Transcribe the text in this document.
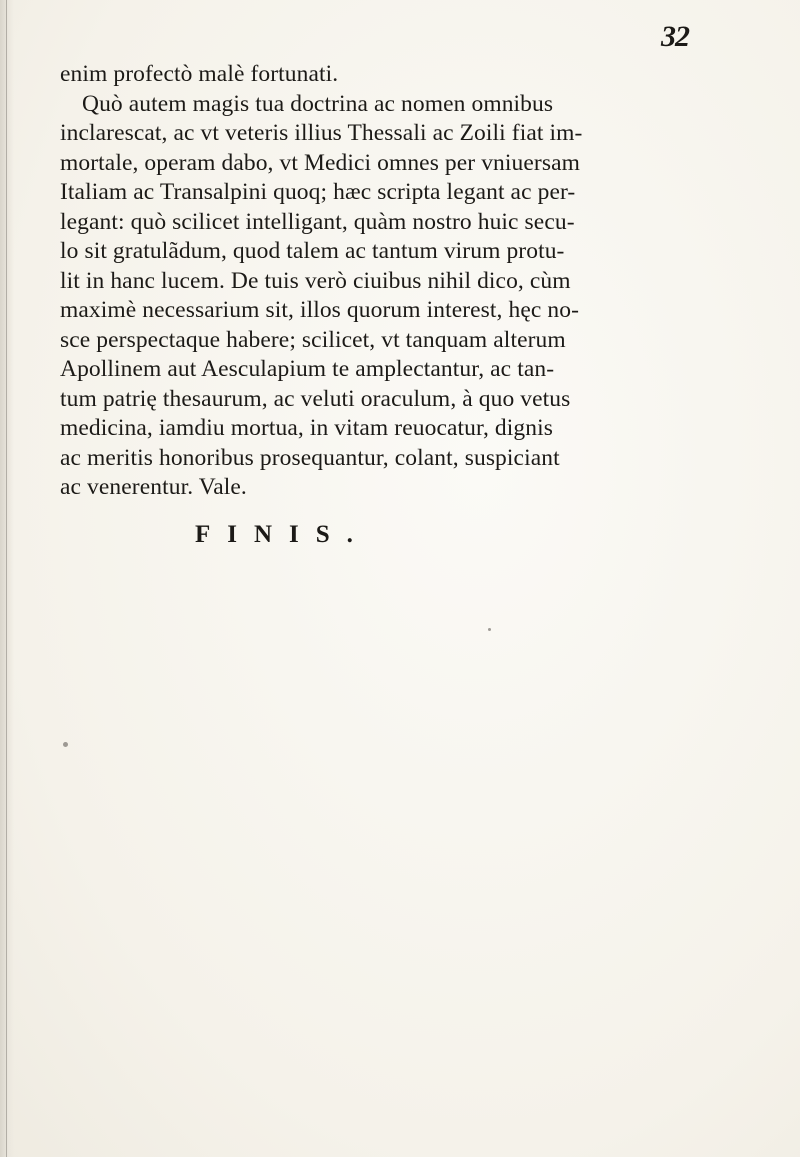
32
enim profectò malè fortunati.
Quò autem magis tua doctrina ac nomen omnibus
inclarescat, ac vt veteris illius Thessali ac Zoili fiat im-
mortale, operam dabo, vt Medici omnes per vniuersam
Italiam ac Transalpini quoq; hæc scripta legant ac per-
legant: quò scilicet intelligant, quàm nostro huic secu-
lo sit gratulãdum, quod talem ac tantum virum protu-
lit in hanc lucem. De tuis verò ciuibus nihil dico, cùm
maximè necessarium sit, illos quorum interest, hęc no-
sce perspectaque habere; scilicet, vt tanquam alterum
Apollinem aut Aesculapium te amplectantur, ac tan-
tum patrię thesaurum, ac veluti oraculum, à quo vetus
medicina, iamdiu mortua, in vitam reuocatur, dignis
ac meritis honoribus prosequantur, colant, suspiciant
ac venerentur. Vale.
FINIS.
